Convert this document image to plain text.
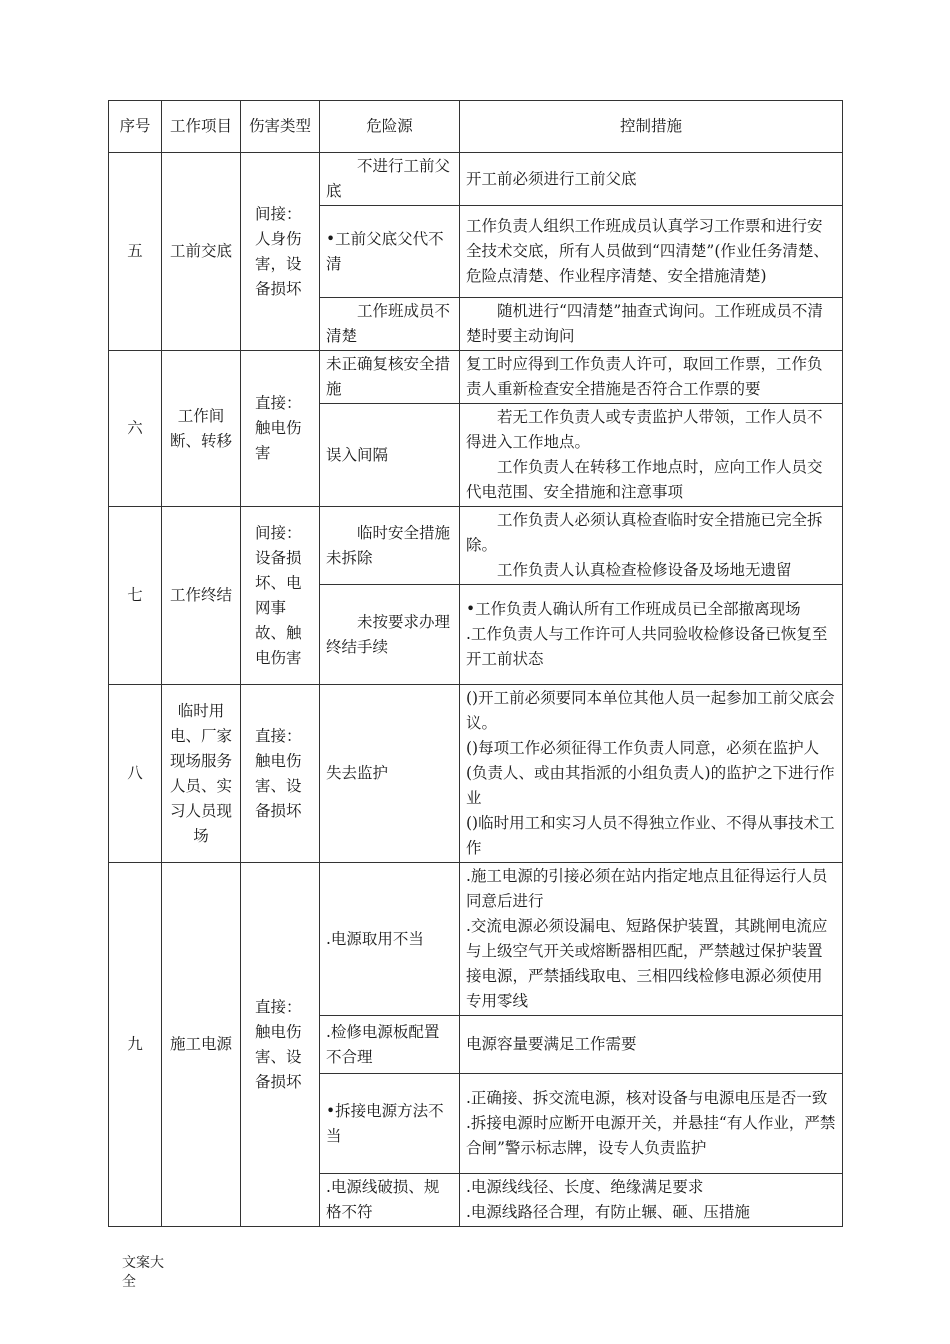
序号	工作项目	伤害类型	危险源	控制措施
五	工前交底	间接：人身伤害，设备损坏	不进行工前父底	开工前必须进行工前父底

			•工前父底父代不清	工作负责人组织工作班成员认真学习工作票和进行安全技术交底，所有人员做到“四清楚”(作业任务清楚、危险点清楚、作业程序清楚、安全措施清楚)

			工作班成员不清楚	随机进行“四清楚”抽查式询问。工作班成员不清楚时要主动询问

六	工作间断、转移	直接：触电伤害	未正确复核安全措施	复工时应得到工作负责人许可，取回工作票，工作负责人重新检查安全措施是否符合工作票的要

			误入间隔	若无工作负责人或专责监护人带领，工作人员不得进入工作地点。
工作负责人在转移工作地点时，应向工作人员交代电范围、安全措施和注意事项

七	工作终结	间接：设备损坏、电网事故、触电伤害	临时安全措施未拆除	工作负责人必须认真检查临时安全措施已完全拆除。
工作负责人认真检查检修设备及场地无遗留

			未按要求办理终结手续	•工作负责人确认所有工作班成员已全部撤离现场
.工作负责人与工作许可人共同验收检修设备已恢复至开工前状态

八	临时用电、厂家现场服务人员、实习人员现场	直接：触电伤害、设备损坏	失去监护	()开工前必须要同本单位其他人员一起参加工前父底会议。
()每项工作必须征得工作负责人同意，必须在监护人(负责人、或由其指派的小组负责人)的监护之下进行作业
()临时用工和实习人员不得独立作业、不得从事技术工作

九	施工电源	直接：触电伤害、设备损坏	.电源取用不当	.施工电源的引接必须在站内指定地点且征得运行人员同意后进行
.交流电源必须设漏电、短路保护装置，其跳闸电流应与上级空气开关或熔断器相匹配，严禁越过保护装置接电源，严禁插线取电、三相四线检修电源必须使用专用零线

			.检修电源板配置不合理	电源容量要满足工作需要

			•拆接电源方法不当	.正确接、拆交流电源，核对设备与电源电压是否一致
.拆接电源时应断开电源开关，并悬挂“有人作业，严禁合闸”警示标志牌，设专人负责监护

			.电源线破损、规格不符	.电源线线径、长度、绝缘满足要求
.电源线路径合理，有防止辗、砸、压措施
文案大全
